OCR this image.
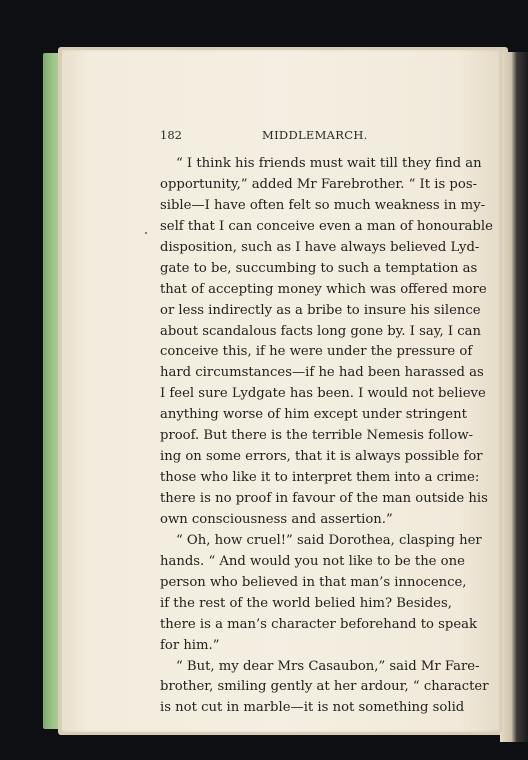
182	MIDDLEMARCH.
“ I think his friends must wait till they find an
opportunity,” added Mr Farebrother. “ It is pos-
sible—I have often felt so much weakness in my-
self that I can conceive even a man of honourable
disposition, such as I have always believed Lyd-
gate to be, succumbing to such a temptation as
that of accepting money which was offered more
or less indirectly as a bribe to insure his silence
about scandalous facts long gone by. I say, I can
conceive this, if he were under the pressure of
hard circumstances—if he had been harassed as
I feel sure Lydgate has been. I would not believe
anything worse of him except under stringent
proof. But there is the terrible Nemesis follow-
ing on some errors, that it is always possible for
those who like it to interpret them into a crime:
there is no proof in favour of the man outside his
own consciousness and assertion.”
“ Oh, how cruel!” said Dorothea, clasping her
hands. “ And would you not like to be the one
person who believed in that man’s innocence,
if the rest of the world belied him? Besides,
there is a man’s character beforehand to speak
for him.”
“ But, my dear Mrs Casaubon,” said Mr Fare-
brother, smiling gently at her ardour, “ character
is not cut in marble—it is not something solid
